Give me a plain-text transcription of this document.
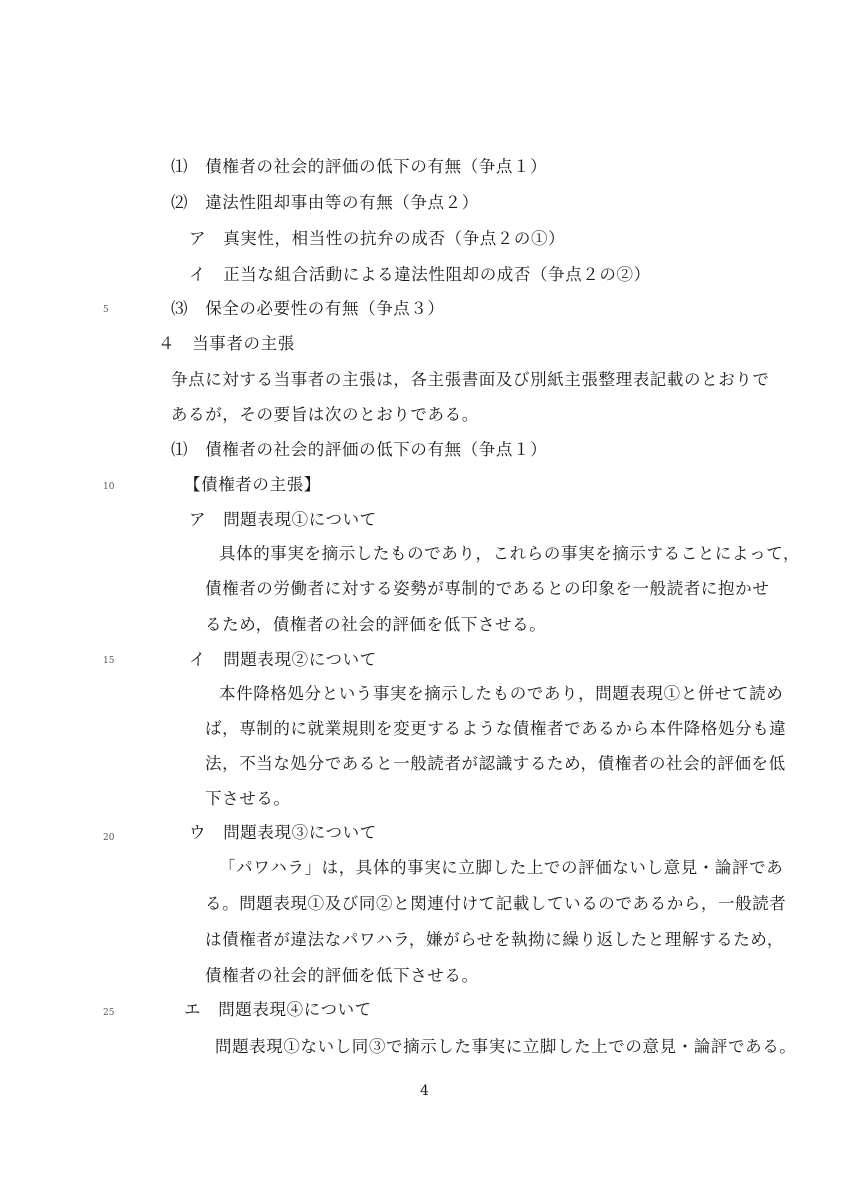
⑴　債権者の社会的評価の低下の有無（争点１）
⑵　違法性阻却事由等の有無（争点２）
ア　真実性，相当性の抗弁の成否（争点２の①）
イ　正当な組合活動による違法性阻却の成否（争点２の②）
⑶　保全の必要性の有無（争点３）
４　当事者の主張
争点に対する当事者の主張は，各主張書面及び別紙主張整理表記載のとおりで
あるが，その要旨は次のとおりである。
⑴　債権者の社会的評価の低下の有無（争点１）
【債権者の主張】
ア　問題表現①について
具体的事実を摘示したものであり，これらの事実を摘示することによって，
債権者の労働者に対する姿勢が専制的であるとの印象を一般読者に抱かせ
るため，債権者の社会的評価を低下させる。
イ　問題表現②について
本件降格処分という事実を摘示したものであり，問題表現①と併せて読め
ば，専制的に就業規則を変更するような債権者であるから本件降格処分も違
法，不当な処分であると一般読者が認識するため，債権者の社会的評価を低
下させる。
ウ　問題表現③について
「パワハラ」は，具体的事実に立脚した上での評価ないし意見・論評であ
る。問題表現①及び同②と関連付けて記載しているのであるから，一般読者
は債権者が違法なパワハラ，嫌がらせを執拗に繰り返したと理解するため，
債権者の社会的評価を低下させる。
エ　問題表現④について
問題表現①ないし同③で摘示した事実に立脚した上での意見・論評である。
5
10
15
20
25
4
